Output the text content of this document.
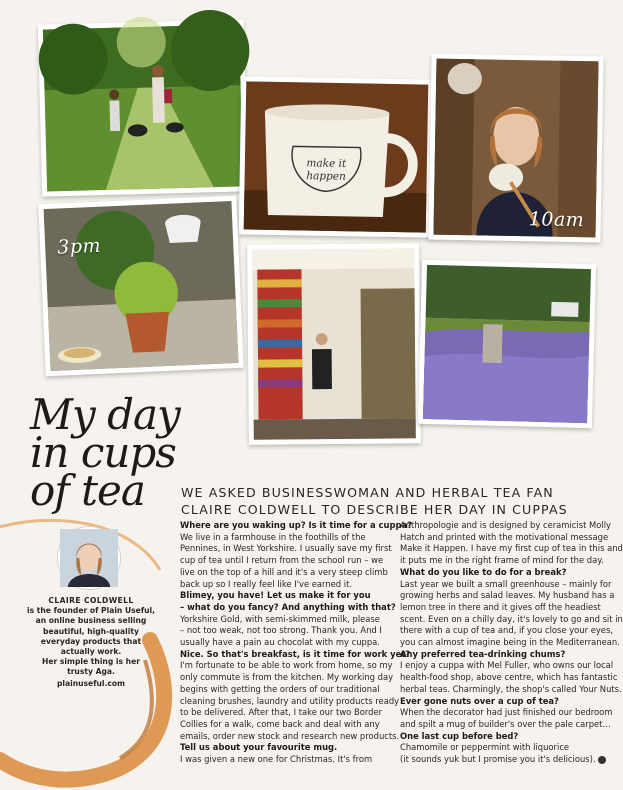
make it
happen
10am
3pm
My day
in cups
of tea	WE ASKED BUSINESSWOMAN AND HERBAL TEA FAN
CLAIRE COLDWELL TO DESCRIBE HER DAY IN CUPPAS
CLAIRE COLDWELL
is the founder of Plain Useful,
an online business selling
beautiful, high-quality
everyday products that
actually work.
Her simple thing is her
trusty Aga.
plainuseful.com
Where are you waking up? Is it time for a cuppa?
We live in a farmhouse in the foothills of the
Pennines, in West Yorkshire. I usually save my first
cup of tea until I return from the school run – we
live on the top of a hill and it's a very steep climb
back up so I really feel like I've earned it.
Blimey, you have! Let us make it for you
– what do you fancy? And anything with that?
Yorkshire Gold, with semi-skimmed milk, please
– not too weak, not too strong. Thank you. And I
usually have a pain au chocolat with my cuppa.
Nice. So that's breakfast, is it time for work yet?
I'm fortunate to be able to work from home, so my
only commute is from the kitchen. My working day
begins with getting the orders of our traditional
cleaning brushes, laundry and utility products ready
to be delivered. After that, I take our two Border
Collies for a walk, come back and deal with any
emails, order new stock and research new products.
Tell us about your favourite mug.
I was given a new one for Christmas. It's from
Anthropologie and is designed by ceramicist Molly
Hatch and printed with the motivational message
Make it Happen. I have my first cup of tea in this and
it puts me in the right frame of mind for the day.
What do you like to do for a break?
Last year we built a small greenhouse – mainly for
growing herbs and salad leaves. My husband has a
lemon tree in there and it gives off the headiest
scent. Even on a chilly day, it's lovely to go and sit in
there with a cup of tea and, if you close your eyes,
you can almost imagine being in the Mediterranean.
Any preferred tea-drinking chums?
I enjoy a cuppa with Mel Fuller, who owns our local
health-food shop, above centre, which has fantastic
herbal teas. Charmingly, the shop's called Your Nuts.
Ever gone nuts over a cup of tea?
When the decorator had just finished our bedroom
and spilt a mug of builder's over the pale carpet…
One last cup before bed?
Chamomile or peppermint with liquorice
(it sounds yuk but I promise you it's delicious).
